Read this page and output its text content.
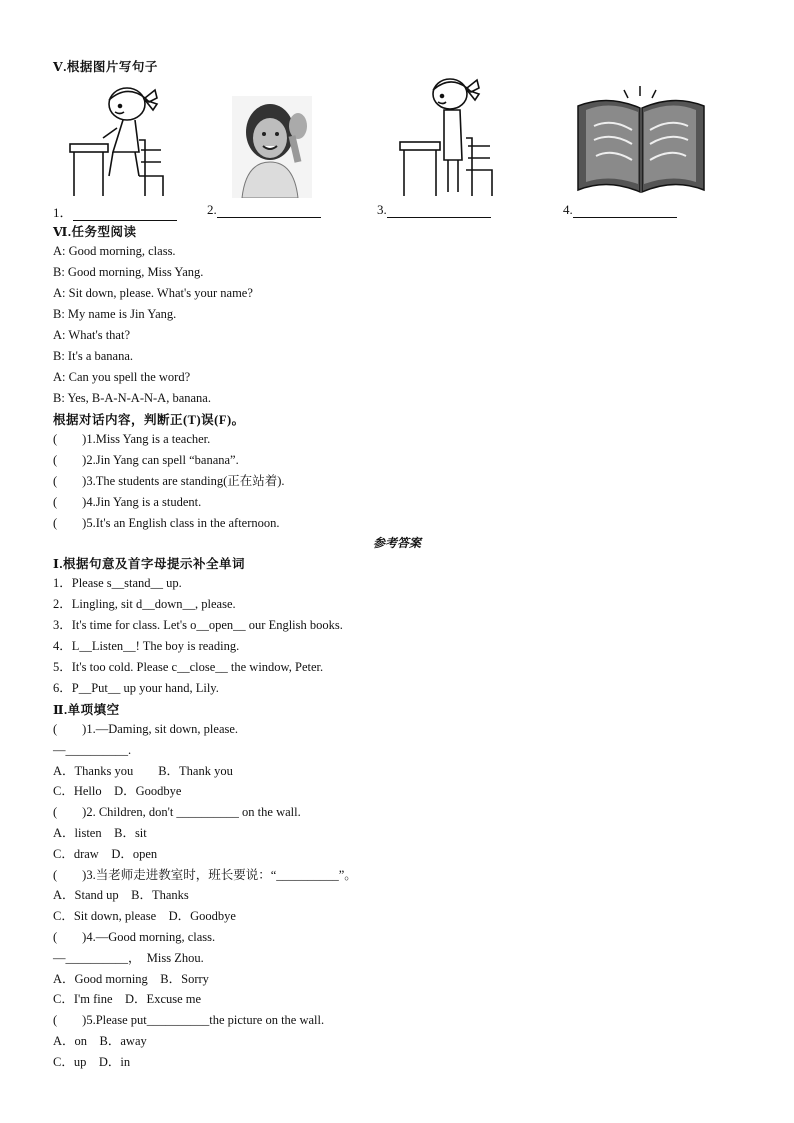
Ⅴ.根据图片写句子
1．	2.	3.	4.
Ⅵ.任务型阅读
A: Good morning, class.
B: Good morning, Miss Yang.
A: Sit down, please. What's your name?
B: My name is Jin Yang.
A: What's that?
B: It's a banana.
A: Can you spell the word?
B: Yes, B-A-N-A-N-A, banana.
根据对话内容，判断正(T)误(F)。
(　　)1.Miss Yang is a teacher.
(　　)2.Jin Yang can spell “banana”.
(　　)3.The students are standing(正在站着).
(　　)4.Jin Yang is a student.
(　　)5.It's an English class in the afternoon.
参考答案
Ⅰ.根据句意及首字母提示补全单词
1．Please s__stand__ up.
2．Lingling, sit d__down__, please.
3．It's time for class. Let's o__open__ our English books.
4．L__Listen__! The boy is reading.
5．It's too cold. Please c__close__ the window, Peter.
6．P__Put__ up your hand, Lily.
Ⅱ.单项填空
(　　)1.—Daming, sit down, please.
—__________.
A．Thanks you　　B．Thank you
C．Hello　D．Goodbye
(　　)2. Children, don't __________ on the wall.
A．listen　B．sit
C．draw　D．open
(　　)3.当老师走进教室时，班长要说：“__________”。
A．Stand up　B．Thanks
C．Sit down, please　D．Goodbye
(　　)4.—Good morning, class.
—__________，　Miss Zhou.
A．Good morning　B．Sorry
C．I'm fine　D．Excuse me
(　　)5.Please put__________the picture on the wall.
A．on　B．away
C．up　D．in
